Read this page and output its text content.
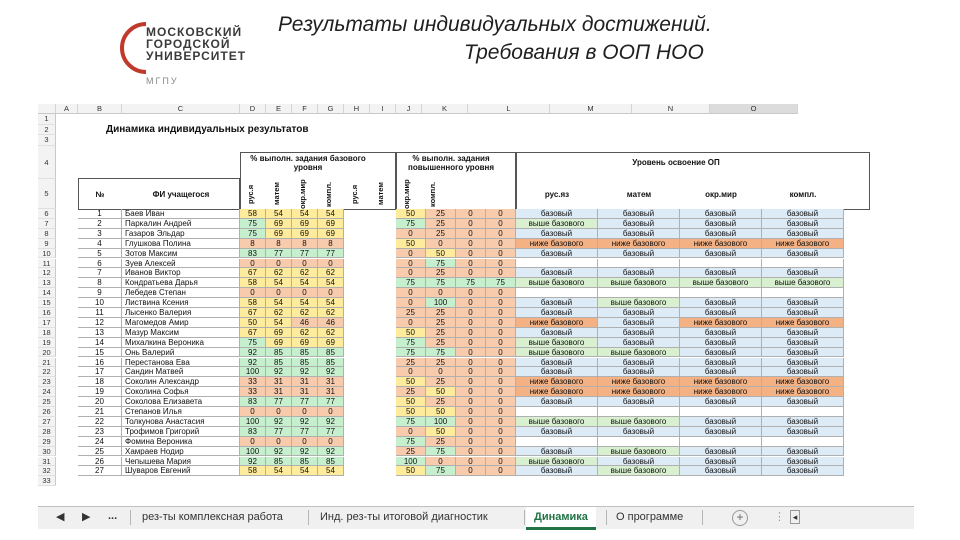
МОСКОВСКИЙ
ГОРОДСКОЙ
УНИВЕРСИТЕТ
МГПУ
Результаты индивидуальных достижений.
Требования в ООП НОО
A	B	C	D	E	F	G	H	I	J	K	L	M	N	O
1
2
3
4
5
6
7
8
9
10
11
12
13
14
15
16
17
18
19
20
21
22
23
24
25
26
27
28
29
30
31
32
33
Динамика индивидуальных результатов
% выполн. задания базового уровня
% выполн. задания повышенного уровня
Уровень освоение ОП
№	ФИ учащегося	рус.я	матем	окр.мир	компл.	рус.я	матем	окр.мир	компл.	рус.яз	матем	окр.мир	компл.
1	Баев Иван	58	54	54	54	50	25	0	0	базовый	базовый	базовый	базовый
2	Паркалин Андрей	75	69	69	69	75	25	0	0	выше базового	базовый	базовый	базовый
3	Газаров Эльдар	75	69	69	69	0	25	0	0	базовый	базовый	базовый	базовый
4	Глушкова Полина	8	8	8	8	50	0	0	0	ниже базового	ниже базового	ниже базового	ниже базового
5	Зотов Максим	83	77	77	77	0	50	0	0	базовый	базовый	базовый	базовый
6	Зуев Алексей	0	0	0	0	0	75	0	0
7	Иванов Виктор	67	62	62	62	0	25	0	0	базовый	базовый	базовый	базовый
8	Кондратьева Дарья	58	54	54	54	75	75	75	75	выше базового	выше базового	выше базового	выше базового
9	Лебедев Степан	0	0	0	0	0	0	0	0
10	Листвина Ксения	58	54	54	54	0	100	0	0	базовый	выше базового	базовый	базовый
11	Лысенко Валерия	67	62	62	62	25	25	0	0	базовый	базовый	базовый	базовый
12	Магомедов Амир	50	54	46	46	0	25	0	0	ниже базового	базовый	ниже базового	ниже базового
13	Мазур Максим	67	69	62	62	50	25	0	0	базовый	базовый	базовый	базовый
14	Михалкина Вероника	75	69	69	69	75	25	0	0	выше базового	базовый	базовый	базовый
15	Онь Валерий	92	85	85	85	75	75	0	0	выше базового	выше базового	базовый	базовый
16	Перестанова Ева	92	85	85	85	25	25	0	0	базовый	базовый	базовый	базовый
17	Сандин Матвей	100	92	92	92	0	0	0	0	базовый	базовый	базовый	базовый
18	Соколин Александр	33	31	31	31	50	25	0	0	ниже базового	ниже базового	ниже базового	ниже базового
19	Соколина Софья	33	31	31	31	25	50	0	0	ниже базового	ниже базового	ниже базового	ниже базового
20	Соколова Елизавета	83	77	77	77	50	25	0	0	базовый	базовый	базовый	базовый
21	Степанов Илья	0	0	0	0	50	50	0	0
22	Толкунова Анастасия	100	92	92	92	75	100	0	0	выше базового	выше базового	базовый	базовый
23	Трофимов Григорий	83	77	77	77	0	50	0	0	базовый	базовый	базовый	базовый
24	Фомина Вероника	0	0	0	0	75	25	0	0
25	Хамраев Нодир	100	92	92	92	25	75	0	0	базовый	выше базового	базовый	базовый
26	Чепышева Мария	92	85	85	85	100	0	0	0	выше базового	базовый	базовый	базовый
27	Шуваров Евгений	58	54	54	54	50	75	0	0	базовый	выше базового	базовый	базовый
◀ ▶ ...	рез-ты комплексная работа	Инд. рез-ты итоговой диагностик	Динамика	О программе	+	⋮ ◂
